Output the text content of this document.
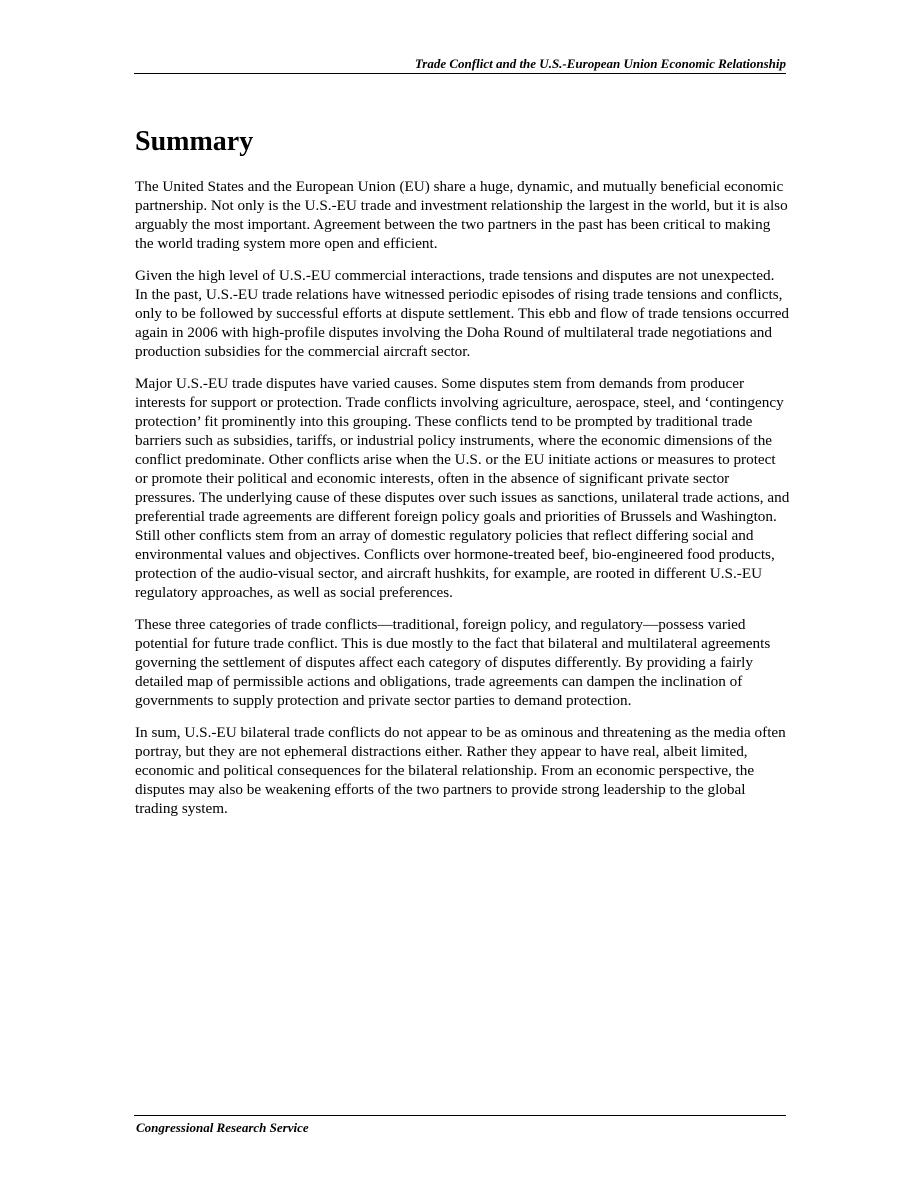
Trade Conflict and the U.S.-European Union Economic Relationship
Summary

The United States and the European Union (EU) share a huge, dynamic, and mutually beneficial economic partnership. Not only is the U.S.-EU trade and investment relationship the largest in the world, but it is also arguably the most important. Agreement between the two partners in the past has been critical to making the world trading system more open and efficient.

Given the high level of U.S.-EU commercial interactions, trade tensions and disputes are not unexpected. In the past, U.S.-EU trade relations have witnessed periodic episodes of rising trade tensions and conflicts, only to be followed by successful efforts at dispute settlement. This ebb and flow of trade tensions occurred again in 2006 with high-profile disputes involving the Doha Round of multilateral trade negotiations and production subsidies for the commercial aircraft sector.

Major U.S.-EU trade disputes have varied causes. Some disputes stem from demands from producer interests for support or protection. Trade conflicts involving agriculture, aerospace, steel, and ‘contingency protection’ fit prominently into this grouping. These conflicts tend to be prompted by traditional trade barriers such as subsidies, tariffs, or industrial policy instruments, where the economic dimensions of the conflict predominate. Other conflicts arise when the U.S. or the EU initiate actions or measures to protect or promote their political and economic interests, often in the absence of significant private sector pressures. The underlying cause of these disputes over such issues as sanctions, unilateral trade actions, and preferential trade agreements are different foreign policy goals and priorities of Brussels and Washington. Still other conflicts stem from an array of domestic regulatory policies that reflect differing social and environmental values and objectives. Conflicts over hormone-treated beef, bio-engineered food products, protection of the audio-visual sector, and aircraft hushkits, for example, are rooted in different U.S.-EU regulatory approaches, as well as social preferences.

These three categories of trade conflicts—traditional, foreign policy, and regulatory—possess varied potential for future trade conflict. This is due mostly to the fact that bilateral and multilateral agreements governing the settlement of disputes affect each category of disputes differently. By providing a fairly detailed map of permissible actions and obligations, trade agreements can dampen the inclination of governments to supply protection and private sector parties to demand protection.

In sum, U.S.-EU bilateral trade conflicts do not appear to be as ominous and threatening as the media often portray, but they are not ephemeral distractions either. Rather they appear to have real, albeit limited, economic and political consequences for the bilateral relationship. From an economic perspective, the disputes may also be weakening efforts of the two partners to provide strong leadership to the global trading system.

Congressional Research Service
